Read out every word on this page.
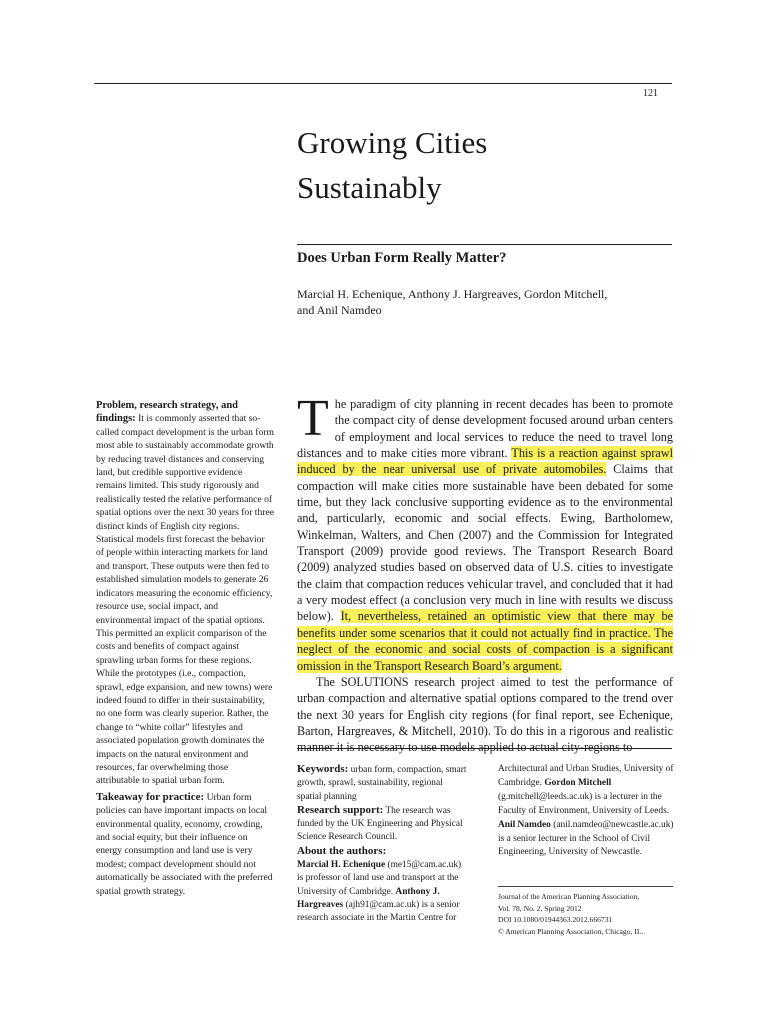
121
Growing Cities
Sustainably
Does Urban Form Really Matter?
Marcial H. Echenique, Anthony J. Hargreaves, Gordon Mitchell,
and Anil Namdeo

Problem, research strategy, and findings: It is commonly asserted that so-called compact development is the urban form most able to sustainably accommodate growth by reducing travel distances and conserving land, but credible supportive evidence remains limited. This study rigorously and realistically tested the relative performance of spatial options over the next 30 years for three distinct kinds of English city regions. Statistical models first forecast the behavior of people within interacting markets for land and transport. These outputs were then fed to established simulation models to generate 26 indicators measuring the economic efficiency, resource use, social impact, and environmental impact of the spatial options. This permitted an explicit comparison of the costs and benefits of compact against sprawling urban forms for these regions. While the prototypes (i.e., compaction, sprawl, edge expansion, and new towns) were indeed found to differ in their sustainability, no one form was clearly superior. Rather, the change to “white collar” lifestyles and associated population growth dominates the impacts on the natural environment and resources, far overwhelming those attributable to spatial urban form.

Takeaway for practice: Urban form policies can have important impacts on local environmental quality, economy, crowding, and social equity, but their influence on energy consumption and land use is very modest; compact development should not automatically be associated with the preferred spatial growth strategy.

The paradigm of city planning in recent decades has been to promote the compact city of dense development focused around urban centers of employment and local services to reduce the need to travel long distances and to make cities more vibrant. This is a reaction against sprawl induced by the near universal use of private automobiles. Claims that compaction will make cities more sustainable have been debated for some time, but they lack conclusive supporting evidence as to the environmental and, particularly, economic and social effects. Ewing, Bartholomew, Winkelman, Walters, and Chen (2007) and the Commission for Integrated Transport (2009) provide good reviews. The Transport Research Board (2009) analyzed studies based on observed data of U.S. cities to investigate the claim that compaction reduces vehicular travel, and concluded that it had a very modest effect (a conclusion very much in line with results we discuss below). It, nevertheless, retained an optimistic view that there may be benefits under some scenarios that it could not actually find in practice. The neglect of the economic and social costs of compaction is a significant omission in the Transport Research Board’s argument.

The SOLUTIONS research project aimed to test the performance of urban compaction and alternative spatial options compared to the trend over the next 30 years for English city regions (for final report, see Echenique, Barton, Hargreaves, & Mitchell, 2010). To do this in a rigorous and realistic manner it is necessary to use models applied to actual city-regions to

Keywords: urban form, compaction, smart growth, sprawl, sustainability, regional spatial planning

Research support: The research was funded by the UK Engineering and Physical Science Research Council.

About the authors:
Marcial H. Echenique (me15@cam.ac.uk) is professor of land use and transport at the University of Cambridge. Anthony J. Hargreaves (ajh91@cam.ac.uk) is a senior research associate in the Martin Centre for

Architectural and Urban Studies, University of Cambridge. Gordon Mitchell (g.mitchell@leeds.ac.uk) is a lecturer in the Faculty of Environment, University of Leeds. Anil Namdeo (anil.namdeo@newcastle.ac.uk) is a senior lecturer in the School of Civil Engineering, University of Newcastle.
Journal of the American Planning Association,
Vol. 78, No. 2, Spring 2012
DOI 10.1080/01944363.2012.666731
© American Planning Association, Chicago, IL.
